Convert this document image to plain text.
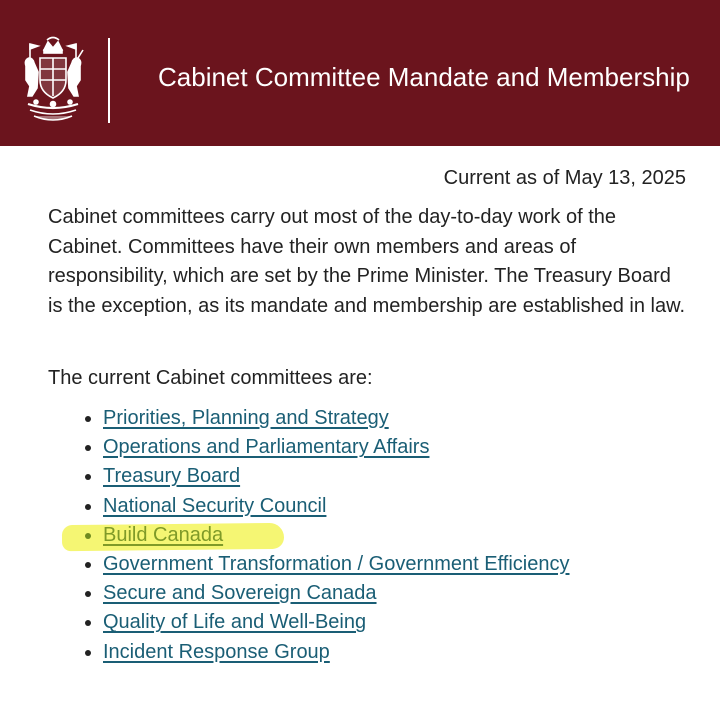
Cabinet Committee Mandate and Membership
Current as of May 13, 2025

Cabinet committees carry out most of the day-to-day work of the Cabinet. Committees have their own members and areas of responsibility, which are set by the Prime Minister. The Treasury Board is the exception, as its mandate and membership are established in law.

The current Cabinet committees are:

Priorities, Planning and Strategy
Operations and Parliamentary Affairs
Treasury Board
National Security Council
Build Canada
Government Transformation / Government Efficiency
Secure and Sovereign Canada
Quality of Life and Well-Being
Incident Response Group
